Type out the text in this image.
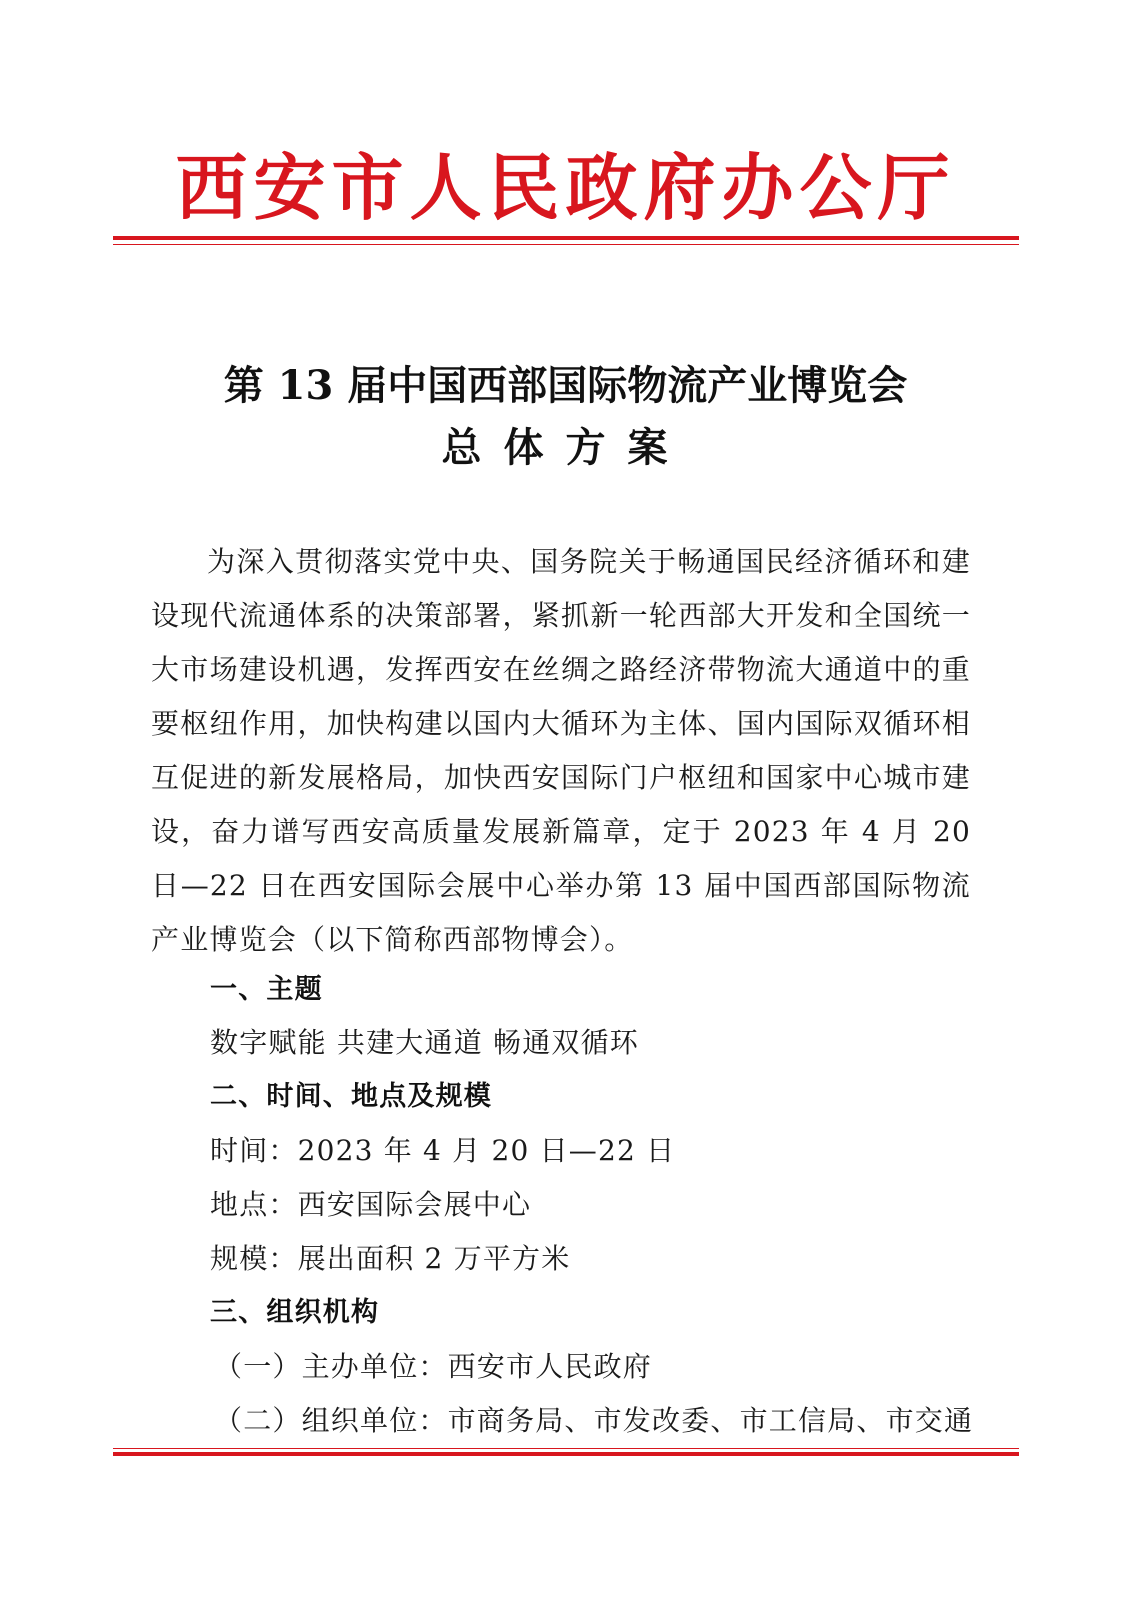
西安市人民政府办公厅
第 13 届中国西部国际物流产业博览会
总体方案
为深入贯彻落实党中央、国务院关于畅通国民经济循环和建设现代流通体系的决策部署，紧抓新一轮西部大开发和全国统一大市场建设机遇，发挥西安在丝绸之路经济带物流大通道中的重要枢纽作用，加快构建以国内大循环为主体、国内国际双循环相互促进的新发展格局，加快西安国际门户枢纽和国家中心城市建设，奋力谱写西安高质量发展新篇章，定于 2023 年 4 月 20 日—22 日在西安国际会展中心举办第 13 届中国西部国际物流产业博览会（以下简称西部物博会）。
一、主题
数字赋能 共建大通道 畅通双循环
二、时间、地点及规模
时间：2023 年 4 月 20 日—22 日
地点：西安国际会展中心
规模：展出面积 2 万平方米
三、组织机构
（一）主办单位：西安市人民政府
（二）组织单位：市商务局、市发改委、市工信局、市交通
